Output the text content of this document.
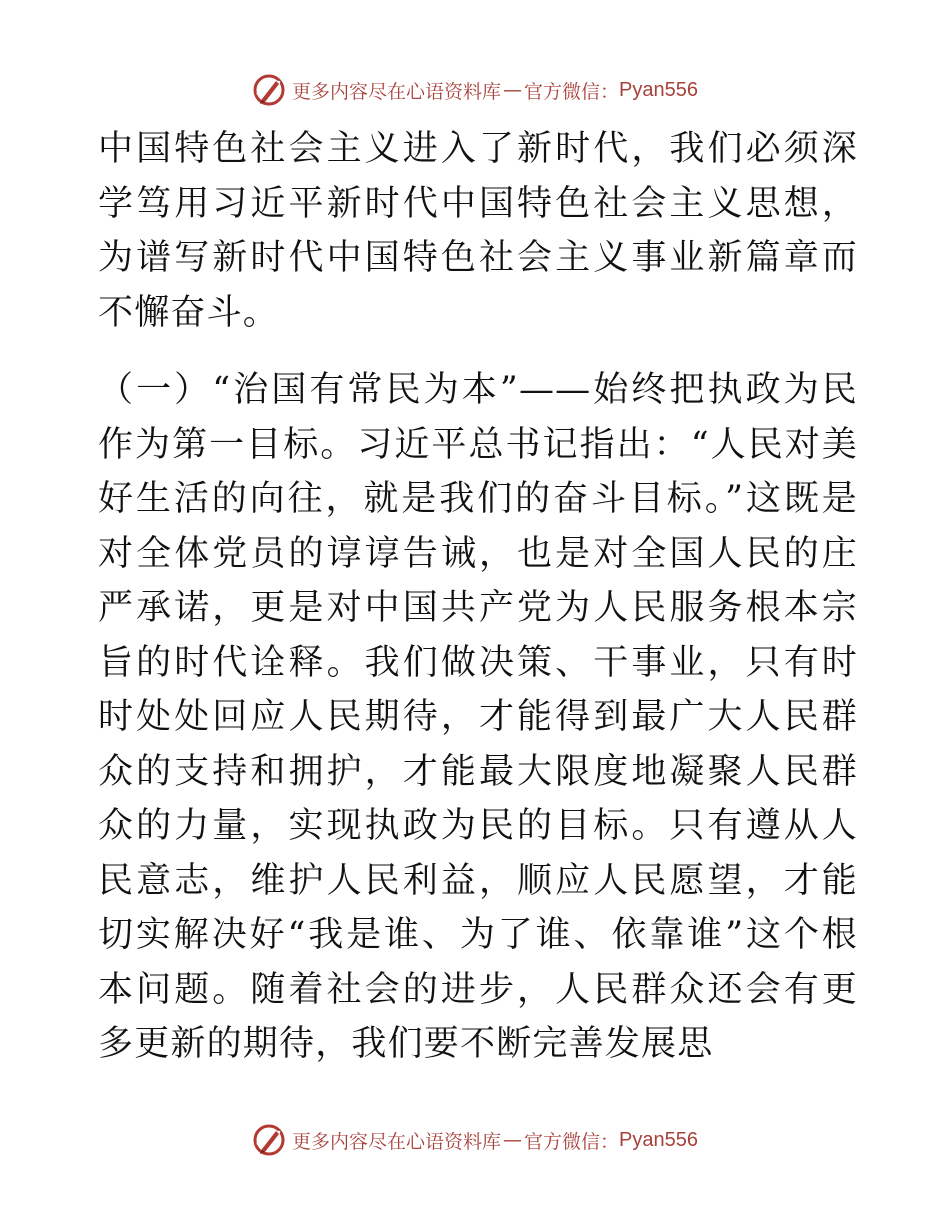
更多内容尽在心语资料库 — 官方微信： Pyan556

中国特色社会主义进入了新时代，我们必须深学笃用习近平新时代中国特色社会主义思想，为谱写新时代中国特色社会主义事业新篇章而不懈奋斗。

（一）“治国有常民为本”——始终把执政为民作为第一目标。习近平总书记指出：“人民对美好生活的向往，就是我们的奋斗目标。”这既是对全体党员的谆谆告诫，也是对全国人民的庄严承诺，更是对中国共产党为人民服务根本宗旨的时代诠释。我们做决策、干事业，只有时时处处回应人民期待，才能得到最广大人民群众的支持和拥护，才能最大限度地凝聚人民群众的力量，实现执政为民的目标。只有遵从人民意志，维护人民利益，顺应人民愿望，才能切实解决好“我是谁、为了谁、依靠谁”这个根本问题。随着社会的进步，人民群众还会有更多更新的期待，我们要不断完善发展思

更多内容尽在心语资料库 — 官方微信： Pyan556
